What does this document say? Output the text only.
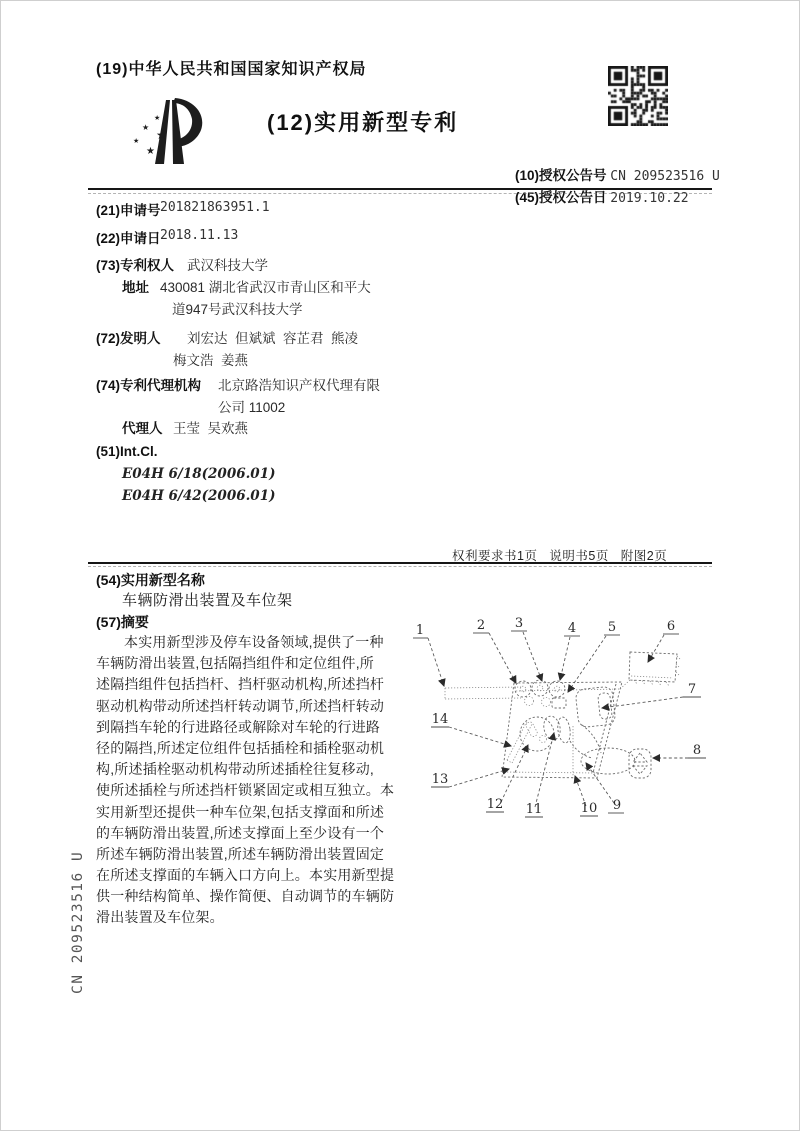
(19)中华人民共和国国家知识产权局
★
★
★
★
★
(12)实用新型专利

(10)授权公告号 CN 209523516 U

(45)授权公告日 2019.10.22

(21)申请号
201821863951.1
(22)申请日
2018.11.13
(73)专利权人 武汉科技大学
地址 430081 湖北省武汉市青山区和平大
道947号武汉科技大学
(72)发明人 刘宏达  但斌斌  容芷君  熊凌
梅文浩  姜燕
(74)专利代理机构 北京路浩知识产权代理有限
公司 11002
代理人 王莹  吴欢燕
(51)Int.Cl.
E04H 6/18(2006.01)
E04H 6/42(2006.01)
权利要求书1页   说明书5页   附图2页
(54)实用新型名称
车辆防滑出装置及车位架
(57)摘要
本实用新型涉及停车设备领域,提供了一种
车辆防滑出装置,包括隔挡组件和定位组件,所
述隔挡组件包括挡杆、挡杆驱动机构,所述挡杆
驱动机构带动所述挡杆转动调节,所述挡杆转动
到隔挡车轮的行进路径或解除对车轮的行进路
径的隔挡,所述定位组件包括插栓和插栓驱动机
构,所述插栓驱动机构带动所述插栓往复移动,
使所述插栓与所述挡杆锁紧固定或相互独立。本
实用新型还提供一种车位架,包括支撑面和所述
的车辆防滑出装置,所述支撑面上至少设有一个
所述车辆防滑出装置,所述车辆防滑出装置固定
在所述支撑面的车辆入口方向上。本实用新型提
供一种结构简单、操作简便、自动调节的车辆防
滑出装置及车位架。
1	2 3	4 5	6
7
8
9
10
11
12
13
14
CN 209523516 U
